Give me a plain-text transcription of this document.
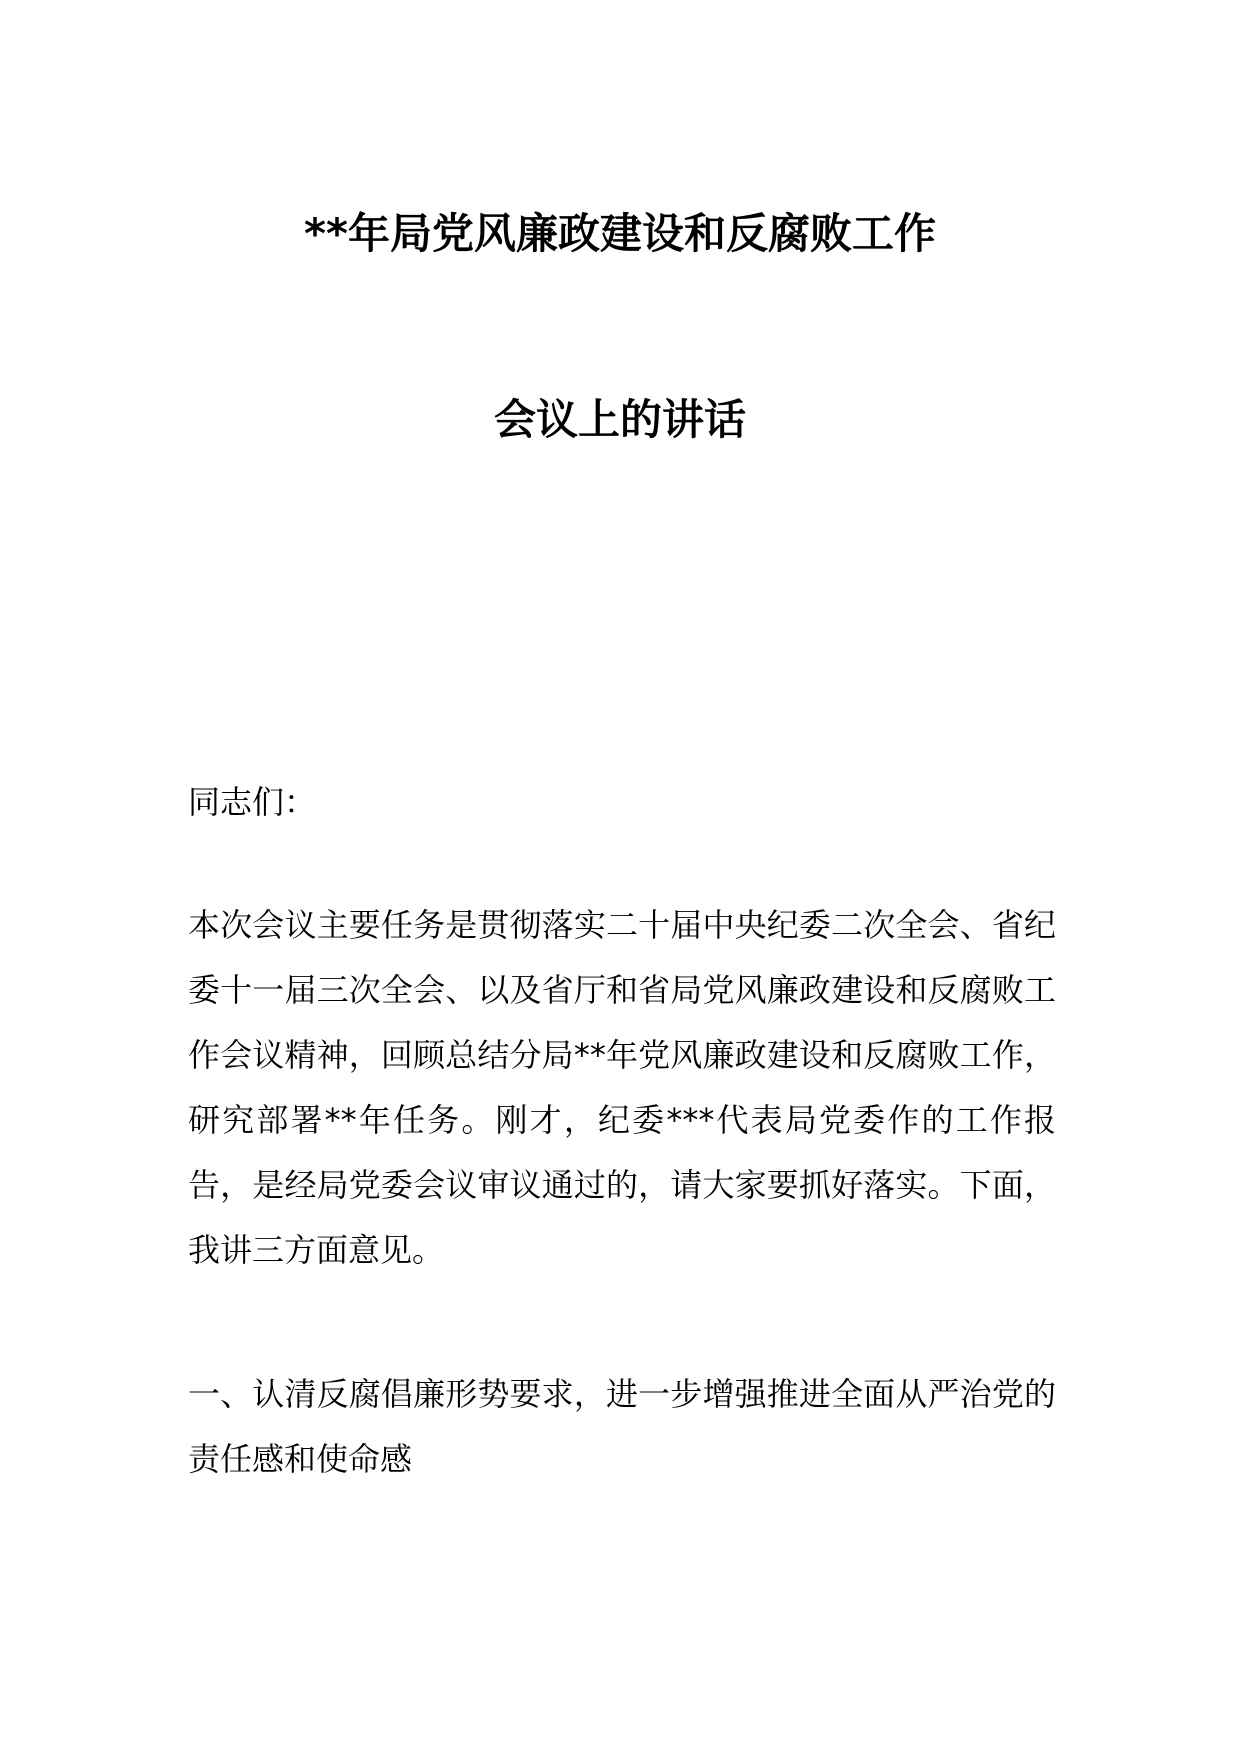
**年局党风廉政建设和反腐败工作
会议上的讲话

同志们：

本次会议主要任务是贯彻落实二十届中央纪委二次全会、省纪委十一届三次全会、以及省厅和省局党风廉政建设和反腐败工作会议精神，回顾总结分局**年党风廉政建设和反腐败工作，研究部署**年任务。刚才，纪委***代表局党委作的工作报告，是经局党委会议审议通过的，请大家要抓好落实。下面，我讲三方面意见。

一、认清反腐倡廉形势要求，进一步增强推进全面从严治党的责任感和使命感
